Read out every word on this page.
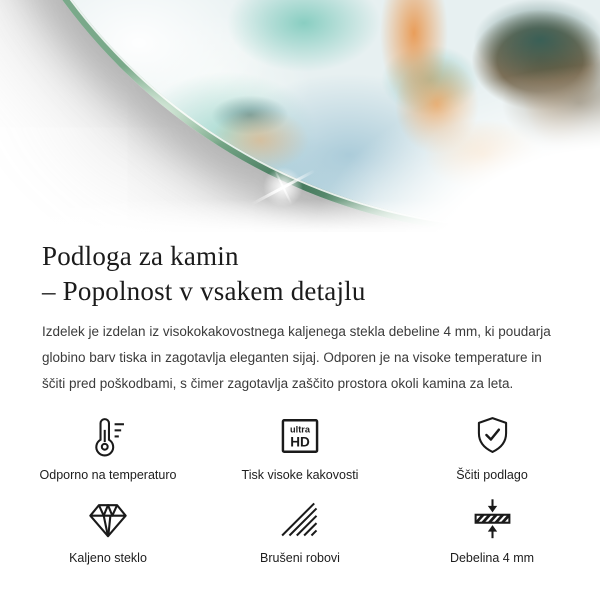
Podloga za kamin
– Popolnost v vsakem detajlu
Izdelek je izdelan iz visokokakovostnega kaljenega stekla debeline 4 mm, ki poudarja globino barv tiska in zagotavlja eleganten sijaj. Odporen je na visoke temperature in ščiti pred poškodbami, s čimer zagotavlja zaščito prostora okoli kamina za leta.
Odporno na temperaturo
ultra
HD
Tisk visoke kakovosti	Ščiti podlago
Kaljeno steklo	Brušeni robovi	Debelina 4 mm
